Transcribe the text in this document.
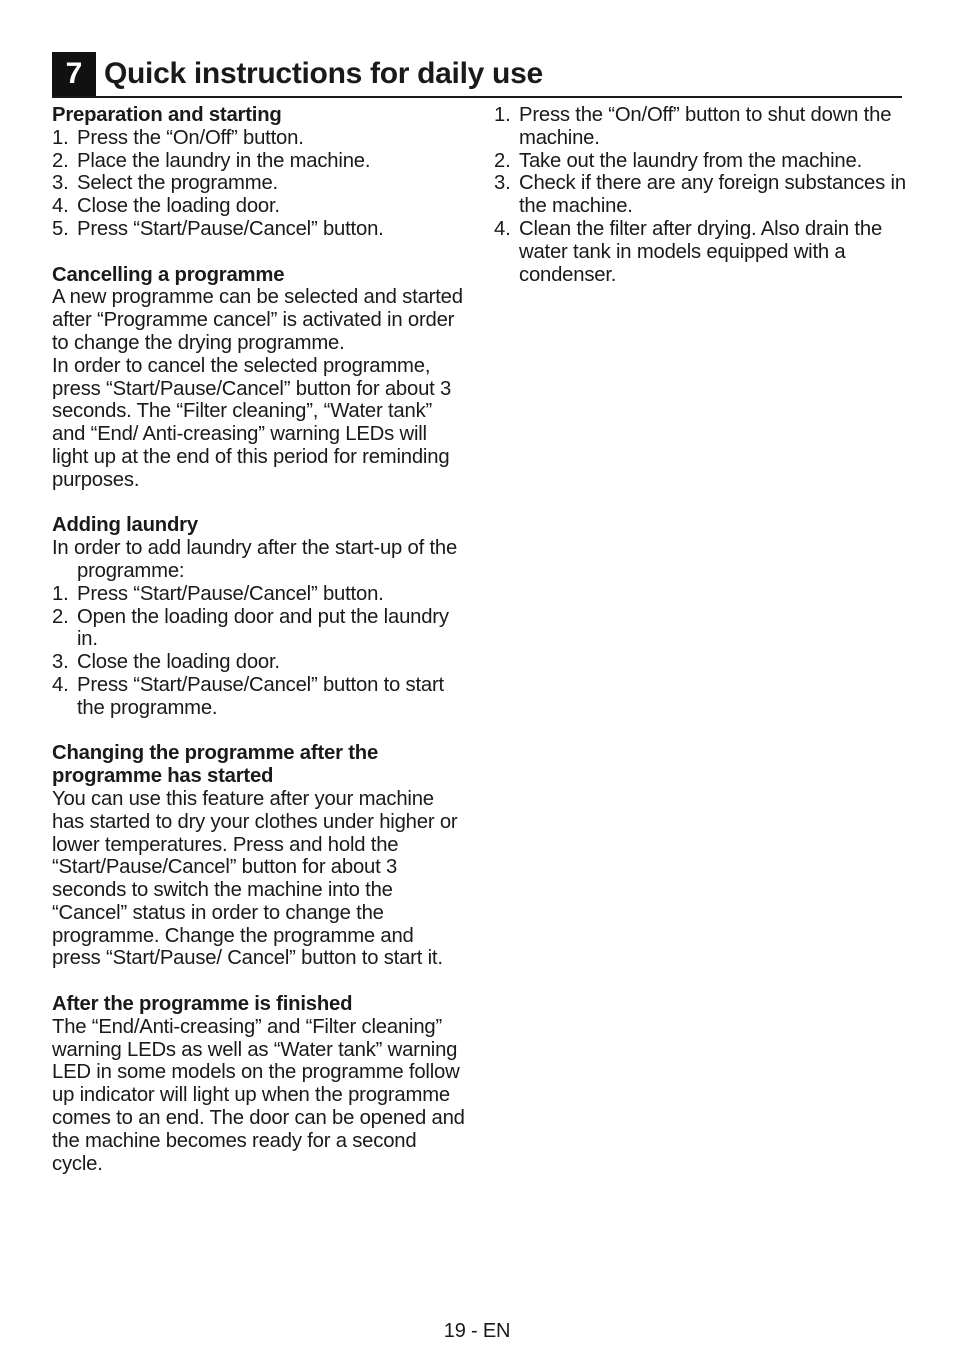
7 Quick instructions for daily use
Preparation and starting
1. Press the “On/Off” button.
2. Place the laundry in the machine.
3. Select the programme.
4. Close the loading door.
5. Press “Start/Pause/Cancel” button.
Cancelling a programme

A new programme can be selected and started after “Programme cancel” is activated in order to change the drying programme.

In order to cancel the selected programme, press “Start/Pause/Cancel” button for about 3 seconds. The “Filter cleaning”, “Water tank” and “End/ Anti-creasing” warning LEDs will light up at the end of this period for reminding purposes.

Adding laundry

In order to add laundry after the start-up of the programme:

1. Press “Start/Pause/Cancel” button.
2. Open the loading door and put the laundry in.
3. Close the loading door.
4. Press “Start/Pause/Cancel” button to start the programme.
Changing the programme after the programme has started

You can use this feature after your machine has started to dry your clothes under higher or lower temperatures. Press and hold the “Start/Pause/Cancel” button for about 3 seconds to switch the machine into the “Cancel” status in order to change the programme. Change the programme and press “Start/Pause/ Cancel” button to start it.

After the programme is finished

The “End/Anti-creasing” and “Filter cleaning” warning LEDs as well as “Water tank” warning LED in some models on the programme follow up indicator will light up when the programme comes to an end. The door can be opened and the machine becomes ready for a second cycle.

1. Press the “On/Off” button to shut down the machine.
2. Take out the laundry from the machine.
3. Check if there are any foreign substances in the machine.
4. Clean the filter after drying. Also drain the water tank in models equipped with a condenser.
19 - EN
